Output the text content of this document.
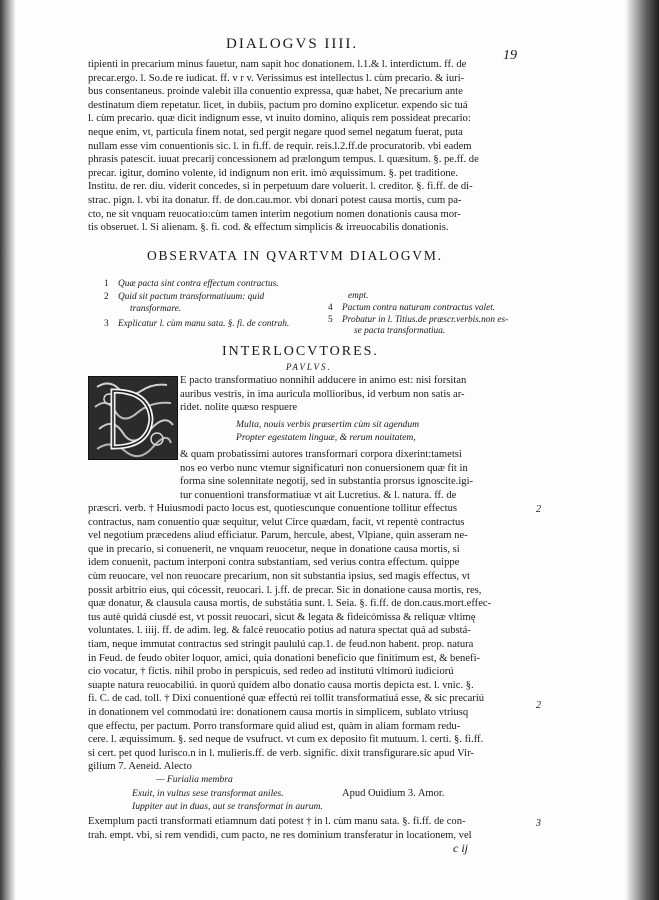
DIALOGVS IIII.
19
tipienti in precarium minus fauetur, nam sapit hoc donationem. l.1.& l. interdictum. ff. de
precar.ergo. l. So.de re iudicat. ff. v r v. Verissimus est intellectus l. cùm precario. & iuri-
bus consentaneus. proinde valebit illa conuentio expressa, quæ habet, Ne precarium ante
destinatum diem repetatur. licet, in dubiis, pactum pro domino explicetur. expendo sic tuá
l. cùm precario. quæ dicit indignum esse, vt inuito domino, aliquis rem possideat precario:
neque enim, vt, particula finem notat, sed pergit negare quod semel negatum fuerat, puta
nullam esse vim conuentionis sic. l. in fi.ff. de requir. reis.l.2.ff.de procuratorib. vbi eadem
phrasis patescit. iuuat precarij concessionem ad prælongum tempus. l. quæsitum. §. pe.ff. de
precar. igitur, domino volente, id indignum non erit. imò æquissimum. §. pet traditione.
Institu. de rer. diu. viderit concedes, si in perpetuum dare voluerit. l. creditor. §. fi.ff. de di-
strac. pign. l. vbi ita donatur. ff. de don.cau.mor. vbi donari potest causa mortis, cum pa-
cto, ne sit vnquam reuocatio:cùm tamen interim negotium nomen donationis causa mor-
tis obseruet. l. Si alienam. §. fi. cod. & effectum simplicis & irreuocabilis donationis.
OBSERVATA IN QVARTVM DIALOGVM.
1 Quæ pacta sint contra effectum contractus.
2 Quid sit pactum transformatiuum: quid
transformare.
3 Explicatur l. cùm manu sata. §. fi. de contrah.
empt.
4 Pactum contra naturam contractus valet.
5 Probatur in l. Titius.de præscr.verbis.non es-
se pacta transformatiua.
INTERLOCVTORES.
PAVLVS.
E pacto transformatiuo nonnihil adducere in animo est: nisi forsitan
auribus vestris, in ima auricula mollioribus, id verbum non satis ar-
ridet. nolite quæso respuere
Multa, nouis verbis præsertim cùm sit agendum
Propter egestatem linguæ, & rerum nouitatem,
& quam probatissimi autores transformari corpora dixerint:tametsi
nos eo verbo nunc vtemur significaturi non conuersionem quæ fit in
forma sine solennitate negotij, sed in substantia prorsus ignoscite.igi-
tur conuentioni transformatiuæ vt ait Lucretius. & l. natura. ff. de
præscri. verb. † Huiusmodi pacto locus est, quotiescunque conuentione tollitur effectus
contractus, nam conuentio quæ sequitur, velut Circe quædam, facit, vt repentè contractus
vel negotium præcedens aliud efficiatur. Parum, hercule, abest, Vlpiane, quin asseram ne-
que in precario, si conuenerit, ne vnquam reuocetur, neque in donatione causa mortis, si
idem conuenit, pactum interponi contra substantiam, sed verius contra effectum. quippe
cùm reuocare, vel non reuocare precarium, non sit substantia ipsius, sed magis effectus, vt
possit arbitrio eius, qui cócessit, reuocari. l. j.ff. de precar. Sic in donatione causa mortis, res,
quæ donatur, & clausula causa mortis, de substátia sunt. l. Seia. §. fi.ff. de don.caus.mort.effec-
tus autè quidá ciusdé est, vt possit reuocari, sicut & legata & fideicómissa & reliquæ vltimę
voluntates. l. iiij. ff. de adim. leg. & falcè reuocatio potius ad natura spectat quá ad substá-
tiam, neque immutat contractus sed stringit paululú cap.1. de feud.non habent. prop. natura
in Feud. de feudo obiter loquor, amici, quia donationi beneficio que finitimum est, & benefi-
cio vocatur, † fictis. nihil probo in perspicuis, sed redeo ad institutú vltimorú iudiciorú
suapte natura reuocabiliú. in quorú quidem albo donatio causa mortis depicta est. l. vnic. §.
fi. C. de cad. toll. † Dixi conuentioné quæ effectú rei tollit transformatiuá esse, & sic precariú
in donationem vel commodatú ire: donationem causa mortis in simplicem, sublato vtriusq
que effectu, per pactum. Porro transformare quid aliud est, quàm in aliam formam redu-
cere. l. æquissimum. §. sed neque de vsufruct. vt cum ex deposito fit mutuum. l. certi. §. fi.ff.
si cert. pet quod Iurisco.n in l. mulieris.ff. de verb. signific. dixit transfigurare.sic apud Vir-
gilium 7. Aeneid. Alecto
— Furialia membra
Exuit, in vultus sese transformat aniles.
Iuppiter aut in duas, aut se transformat in aurum.
Apud Ouidium 3. Amor.
Exemplum pacti transformati etiamnum dati potest † in l. cùm manu sata. §. fi.ff. de con-
trah. empt. vbi, si rem vendidi, cum pacto, ne res dominium transferatur in locationem, vel
2
3
2
c ij
